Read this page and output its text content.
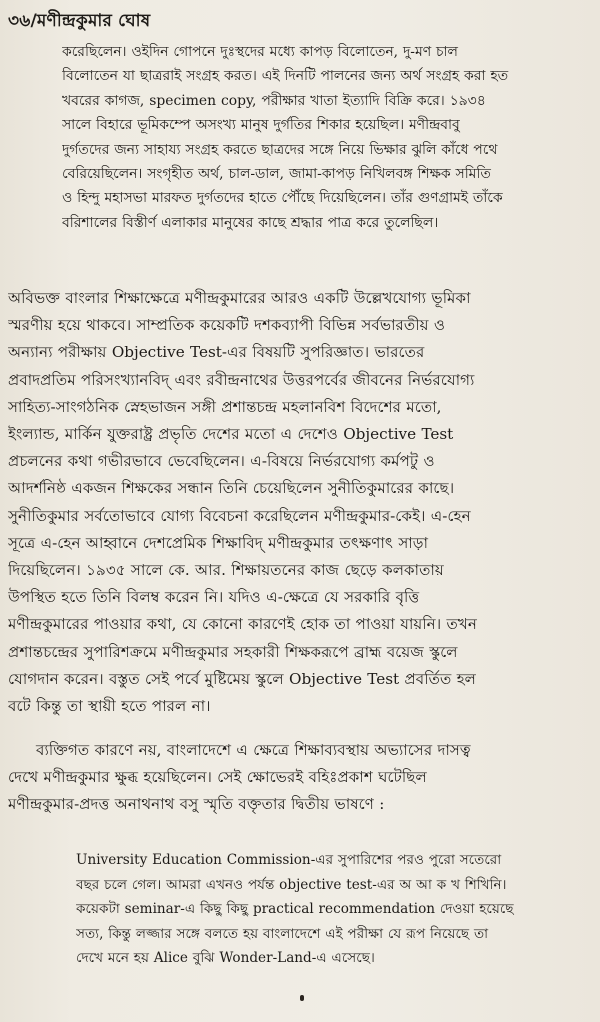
৩৬/মণীন্দ্রকুমার ঘোষ
করেছিলেন। ওইদিন গোপনে দুঃস্থদের মধ্যে কাপড় বিলোতেন, দু-মণ চাল
বিলোতেন যা ছাত্ররাই সংগ্রহ করত। এই দিনটি পালনের জন্য অর্থ সংগ্রহ করা হত
খবরের কাগজ, specimen copy, পরীক্ষার খাতা ইত্যাদি বিক্রি করে। ১৯৩৪
সালে বিহারে ভূমিকম্পে অসংখ্য মানুষ দুর্গতির শিকার হয়েছিল। মণীন্দ্রবাবু
দুর্গতদের জন্য সাহায্য সংগ্রহ করতে ছাত্রদের সঙ্গে নিয়ে ভিক্ষার ঝুলি কাঁধে পথে
বেরিয়েছিলেন। সংগৃহীত অর্থ, চাল-ডাল, জামা-কাপড় নিখিলবঙ্গ শিক্ষক সমিতি
ও হিন্দু মহাসভা মারফত দুর্গতদের হাতে পৌঁছে দিয়েছিলেন। তাঁর গুণগ্রামই তাঁকে
বরিশালের বিস্তীর্ণ এলাকার মানুষের কাছে শ্রদ্ধার পাত্র করে তুলেছিল।
অবিভক্ত বাংলার শিক্ষাক্ষেত্রে মণীন্দ্রকুমারের আরও একটি উল্লেখযোগ্য ভূমিকা
স্মরণীয় হয়ে থাকবে। সাম্প্রতিক কয়েকটি দশকব্যাপী বিভিন্ন সর্বভারতীয় ও
অন্যান্য পরীক্ষায় Objective Test-এর বিষয়টি সুপরিজ্ঞাত। ভারতের
প্রবাদপ্রতিম পরিসংখ্যানবিদ্ এবং রবীন্দ্রনাথের উত্তরপর্বের জীবনের নির্ভরযোগ্য
সাহিত্য-সাংগঠনিক স্নেহভাজন সঙ্গী প্রশান্তচন্দ্র মহলানবিশ বিদেশের মতো,
ইংল্যান্ড, মার্কিন যুক্তরাষ্ট্র প্রভৃতি দেশের মতো এ দেশেও Objective Test
প্রচলনের কথা গভীরভাবে ভেবেছিলেন। এ-বিষয়ে নির্ভরযোগ্য কর্মপটু ও
আদর্শনিষ্ঠ একজন শিক্ষকের সন্ধান তিনি চেয়েছিলেন সুনীতিকুমারের কাছে।
সুনীতিকুমার সর্বতোভাবে যোগ্য বিবেচনা করেছিলেন মণীন্দ্রকুমার-কেই। এ-হেন
সূত্রে এ-হেন আহ্বানে দেশপ্রেমিক শিক্ষাবিদ্ মণীন্দ্রকুমার তৎক্ষণাৎ সাড়া
দিয়েছিলেন। ১৯৩৫ সালে কে. আর. শিক্ষায়তনের কাজ ছেড়ে কলকাতায়
উপস্থিত হতে তিনি বিলম্ব করেন নি। যদিও এ-ক্ষেত্রে যে সরকারি বৃত্তি
মণীন্দ্রকুমারের পাওয়ার কথা, যে কোনো কারণেই হোক তা পাওয়া যায়নি। তখন
প্রশান্তচন্দ্রের সুপারিশক্রমে মণীন্দ্রকুমার সহকারী শিক্ষকরূপে ব্রাহ্ম বয়েজ স্কুলে
যোগদান করেন। বস্তুত সেই পর্বে মুষ্টিমেয় স্কুলে Objective Test প্রবর্তিত হল
বটে কিন্তু তা স্থায়ী হতে পারল না।
ব্যক্তিগত কারণে নয়, বাংলাদেশে এ ক্ষেত্রে শিক্ষাব্যবস্থায় অভ্যাসের দাসত্ব
দেখে মণীন্দ্রকুমার ক্ষুব্ধ হয়েছিলেন। সেই ক্ষোভেরই বহিঃপ্রকাশ ঘটেছিল
মণীন্দ্রকুমার-প্রদত্ত অনাথনাথ বসু স্মৃতি বক্তৃতার দ্বিতীয় ভাষণে :
University Education Commission-এর সুপারিশের পরও পুরো সতেরো
বছর চলে গেল। আমরা এখনও পর্যন্ত objective test-এর অ আ ক খ শিখিনি।
কয়েকটা seminar-এ কিছু কিছু practical recommendation দেওয়া হয়েছে
সত্য, কিন্তু লজ্জার সঙ্গে বলতে হয় বাংলাদেশে এই পরীক্ষা যে রূপ নিয়েছে তা
দেখে মনে হয় Alice বুঝি Wonder-Land-এ এসেছে।
